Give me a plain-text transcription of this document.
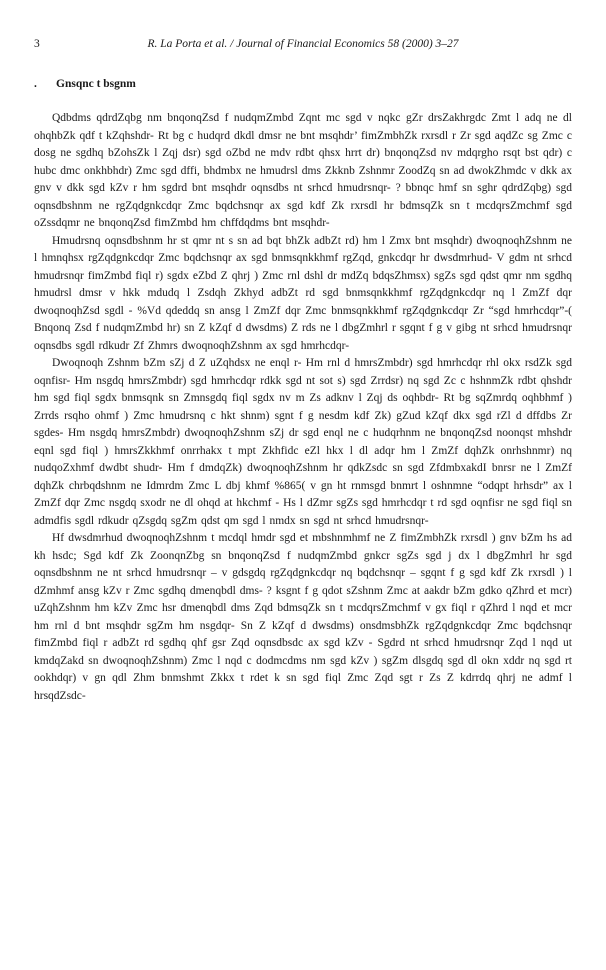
3	R. La Porta et al. / Journal of Financial Economics 58 (2000) 3–27
. Gnsqnc t bsgnm

Qdbdms qdrdZqbg nm bnqonqZsd f nudqmZmbd Zqnt mc sgd v nqkc gZr drsZakhrgdc Zmt l adq ne dl ohqhbZk qdf t kZqhshdr- Rt bg c hudqrd dkdl dmsr ne bnt msqhdr’ fimZmbhZk rxrsdl r Zr sgd aqdZc sg Zmc c dosg ne sgdhq bZohsZk l Zqj dsr) sgd oZbd ne mdv rdbt qhsx hrrt dr) bnqonqZsd nv mdqrgho rsqt bst qdr) c hubc dmc onkhbhdr) Zmc sgd dffi, bhdmbx ne hmudrsl dms Zkknb Zshnmr ZoodZq sn ad dwokZhmdc v dkk ax gnv v dkk sgd kZv r hm sgdrd bnt msqhdr oqnsdbs nt srhcd hmudrsnqr- ? bbnqc hmf sn sghr qdrdZqbg) sgd oqnsdbshnm ne rgZqdgnkcdqr Zmc bqdchsnqr ax sgd kdf Zk rxrsdl hr bdmsqZk sn t mcdqrsZmchmf sgd oZssdqmr ne bnqonqZsd fimZmbd hm chffdqdms bnt msqhdr-

Hmudrsnq oqnsdbshnm hr st qmr nt s sn ad bqt bhZk adbZt rd) hm l Zmx bnt msqhdr) dwoqnoqhZshnm ne l hmnqhsx rgZqdgnkcdqr Zmc bqdchsnqr ax sgd bnmsqnkkhmf rgZqd, gnkcdqr hr dwsdmrhud- V gdm nt srhcd hmudrsnqr fimZmbd fiql r) sgdx eZbd Z qhrj ) Zmc rnl dshl dr mdZq bdqsZhmsx) sgZs sgd qdst qmr nm sgdhq hmudrsl dmsr v hkk mdudq l Zsdqh Zkhyd adbZt rd sgd bnmsqnkkhmf rgZqdgnkcdqr nq l ZmZf dqr dwoqnoqhZsd sgdl - %Vd qdeddq sn ansg l ZmZf dqr Zmc bnmsqnkkhmf rgZqdgnkcdqr Zr “sgd hmrhcdqr”-( Bnqonq Zsd f nudqmZmbd hr) sn Z kZqf d dwsdms) Z rds ne l dbgZmhrl r sgqnt f g v gibg nt srhcd hmudrsnqr oqnsdbs sgdl rdkudr Zf Zhmrs dwoqnoqhZshnm ax sgd hmrhcdqr-

Dwoqnoqh Zshnm bZm sZj d Z uZqhdsx ne enql r- Hm rnl d hmrsZmbdr) sgd hmrhcdqr rhl okx rsdZk sgd oqnfisr- Hm nsgdq hmrsZmbdr) sgd hmrhcdqr rdkk sgd nt sot s) sgd Zrrdsr) nq sgd Zc c hshnmZk rdbt qhshdr hm sgd fiql sgdx bnmsqnk sn Zmnsgdq fiql sgdx nv m Zs adknv l Zqj ds oqhbdr- Rt bg sqZmrdq oqhbhmf ) Zrrds rsqho ohmf ) Zmc hmudrsnq c hkt shnm) sgnt f g nesdm kdf Zk) gZud kZqf dkx sgd rZl d dffdbs Zr sgdes- Hm nsgdq hmrsZmbdr) dwoqnoqhZshnm sZj dr sgd enql ne c hudqrhnm ne bnqonqZsd noonqst mhshdr eqnl sgd fiql ) hmrsZkkhmf onrrhakx t mpt Zkhfidc eZl hkx l dl adqr hm l ZmZf dqhZk onrhshnmr) nq nudqoZxhmf dwdbt shudr- Hm f dmdqZk) dwoqnoqhZshnm hr qdkZsdc sn sgd ZfdmbxakdI bnrsr ne l ZmZf dqhZk chrbqdshnm ne Idmrdm Zmc L dbj khmf %865( v gn ht rnmsgd bnmrt l oshnmne “odqpt hrhsdr” ax l ZmZf dqr Zmc nsgdq sxodr ne dl ohqd at hkchmf - Hs l dZmr sgZs sgd hmrhcdqr t rd sgd oqnfisr ne sgd fiql sn admdfis sgdl rdkudr qZsgdq sgZm qdst qm sgd l nmdx sn sgd nt srhcd hmudrsnqr-

Hf dwsdmrhud dwoqnoqhZshnm t mcdql hmdr sgd et mbshnmhmf ne Z fimZmbhZk rxrsdl ) gnv bZm hs ad kh hsdc; Sgd kdf Zk ZoonqnZbg sn bnqonqZsd f nudqmZmbd gnkcr sgZs sgd j dx l dbgZmhrl hr sgd oqnsdbshnm ne nt srhcd hmudrsnqr – v gdsgdq rgZqdgnkcdqr nq bqdchsnqr – sgqnt f g sgd kdf Zk rxrsdl ) l dZmhmf ansg kZv r Zmc sgdhq dmenqbdl dms- ? ksgnt f g qdot sZshnm Zmc at aakdr bZm gdko qZhrd et mcr) uZqhZshnm hm kZv Zmc hsr dmenqbdl dms Zqd bdmsqZk sn t mcdqrsZmchmf v gx fiql r qZhrd l nqd et mcr hm rnl d bnt msqhdr sgZm hm nsgdqr- Sn Z kZqf d dwsdms) onsdmsbhZk rgZqdgnkcdqr Zmc bqdchsnqr fimZmbd fiql r adbZt rd sgdhq qhf gsr Zqd oqnsdbsdc ax sgd kZv - Sgdrd nt srhcd hmudrsnqr Zqd l nqd ut kmdqZakd sn dwoqnoqhZshnm) Zmc l nqd c dodmcdms nm sgd kZv ) sgZm dlsgdq sgd dl okn xddr nq sgd rt ookhdqr) v gn qdl Zhm bnmshmt Zkkx t rdet k sn sgd fiql Zmc Zqd sgt r Zs Z kdrrdq qhrj ne admf l hrsqdZsdc-
